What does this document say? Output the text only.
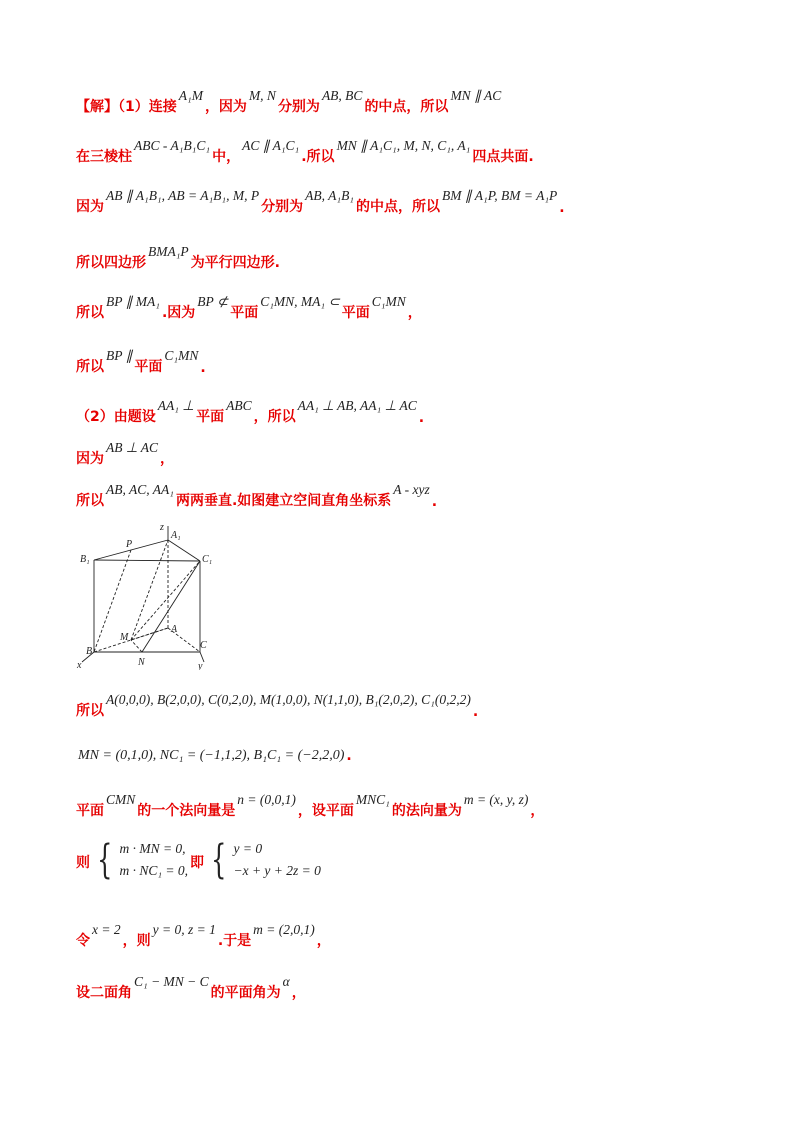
【解】（1）连接
A₁M
，因为
M, N
分别为
AB, BC
的中点，所以
MN ∥ AC
在三棱柱
ABC - A₁B₁C₁
中，
AC ∥ A₁C₁
.所以
MN ∥ A₁C₁, M, N, C₁, A₁
四点共面.
因为
AB ∥ A₁B₁, AB = A₁B₁, M, P
分别为
AB, A₁B₁
的中点，所以
BM ∥ A₁P, BM = A₁P
.
所以四边形
BMA₁P
为平行四边形.
所以
BP ∥ MA₁
.因为
BP ⊄
平面
C₁MN, MA₁ ⊂
平面
C₁MN
，
所以
BP ∥
平面
C₁MN
.
（2）由题设
AA₁ ⊥
平面
ABC
，所以
AA₁ ⊥ AB, AA₁ ⊥ AC
.
因为
AB ⊥ AC
，
所以
AB, AC, AA₁
两两垂直.如图建立空间直角坐标系
A - xyz
.
所以
A(0,0,0), B(2,0,0), C(0,2,0), M(1,0,0), N(1,1,0), B₁(2,0,2), C₁(0,2,2)
.
MN = (0,1,0), NC₁ = (−1,1,2), B₁C₁ = (−2,2,0) .
平面
CMN
的一个法向量是
n = (0,0,1)
，设平面
MNC₁
的法向量为
m = (x, y, z)
，
令
x = 2
，则
y = 0, z = 1
.于是
m = (2,0,1)
，
设二面角
C₁ − MN − C
的平面角为
α
，
则 { m · MN = 0,
m · NC₁ = 0, 即 { y = 0
−x + y + 2z = 0
z
A₁
P
B₁	C₁
M
A
x
B
N
C
y
